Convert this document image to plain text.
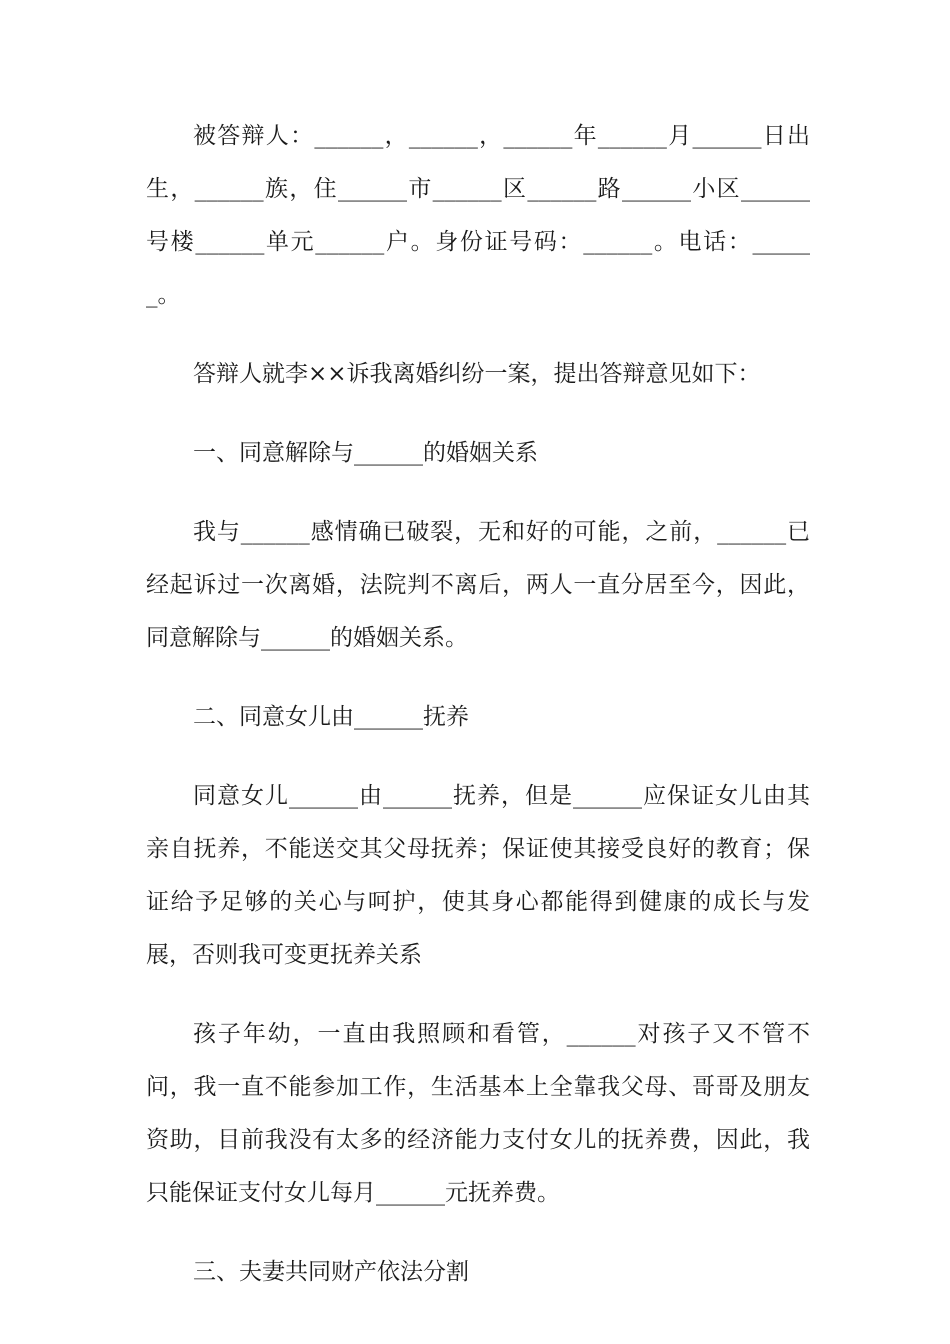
被答辩人：______，______，______年______月______日出生，______族，住______市______区______路______小区______号楼______单元______户。身份证号码：______。电话：______。

答辩人就李××诉我离婚纠纷一案，提出答辩意见如下：

一、同意解除与______的婚姻关系

我与______感情确已破裂，无和好的可能，之前，______已经起诉过一次离婚，法院判不离后，两人一直分居至今，因此，同意解除与______的婚姻关系。

二、同意女儿由______抚养

同意女儿______由______抚养，但是______应保证女儿由其亲自抚养，不能送交其父母抚养；保证使其接受良好的教育；保证给予足够的关心与呵护，使其身心都能得到健康的成长与发展，否则我可变更抚养关系

孩子年幼，一直由我照顾和看管，______对孩子又不管不问，我一直不能参加工作，生活基本上全靠我父母、哥哥及朋友资助，目前我没有太多的经济能力支付女儿的抚养费，因此，我只能保证支付女儿每月______元抚养费。

三、夫妻共同财产依法分割
